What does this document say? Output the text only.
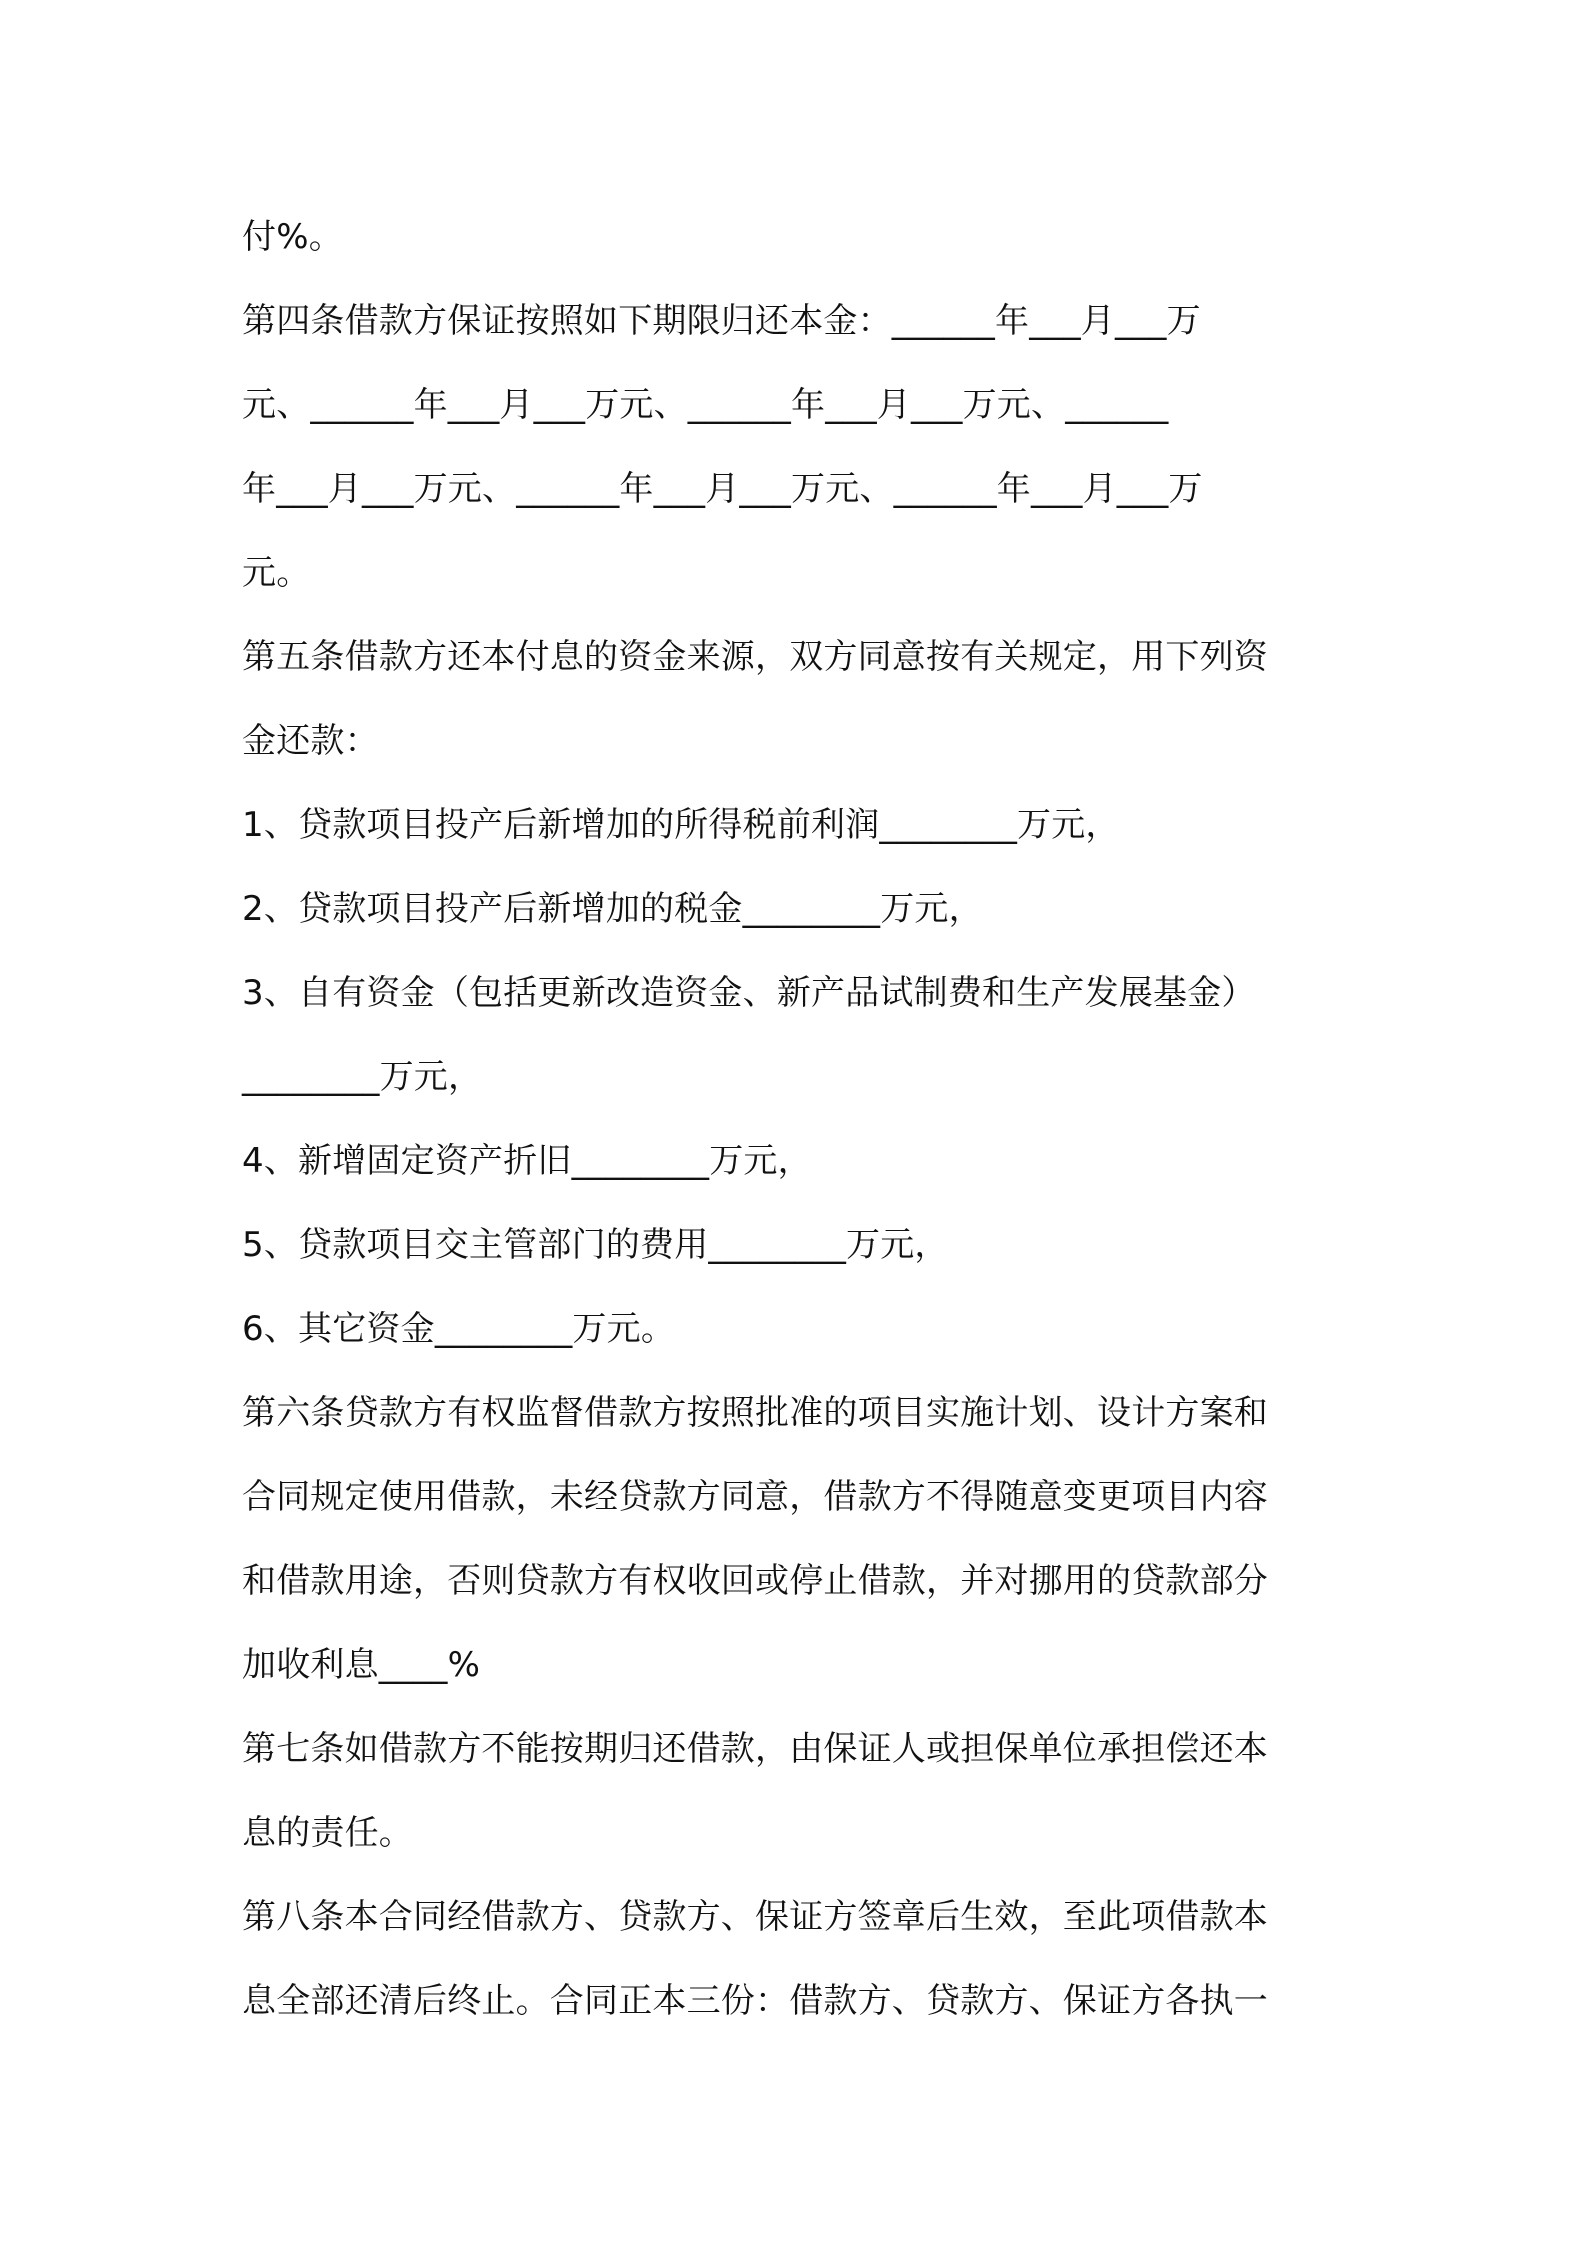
付%。
第四条借款方保证按照如下期限归还本金：______年___月___万
元、______年___月___万元、______年___月___万元、______
年___月___万元、______年___月___万元、______年___月___万
元。
第五条借款方还本付息的资金来源，双方同意按有关规定，用下列资
金还款：
1、贷款项目投产后新增加的所得税前利润________万元，
2、贷款项目投产后新增加的税金________万元，
3、自有资金（包括更新改造资金、新产品试制费和生产发展基金）
________万元，
4、新增固定资产折旧________万元，
5、贷款项目交主管部门的费用________万元，
6、其它资金________万元。
第六条贷款方有权监督借款方按照批准的项目实施计划、设计方案和
合同规定使用借款，未经贷款方同意，借款方不得随意变更项目内容
和借款用途，否则贷款方有权收回或停止借款，并对挪用的贷款部分
加收利息____%
第七条如借款方不能按期归还借款，由保证人或担保单位承担偿还本
息的责任。
第八条本合同经借款方、贷款方、保证方签章后生效，至此项借款本
息全部还清后终止。合同正本三份：借款方、贷款方、保证方各执一
